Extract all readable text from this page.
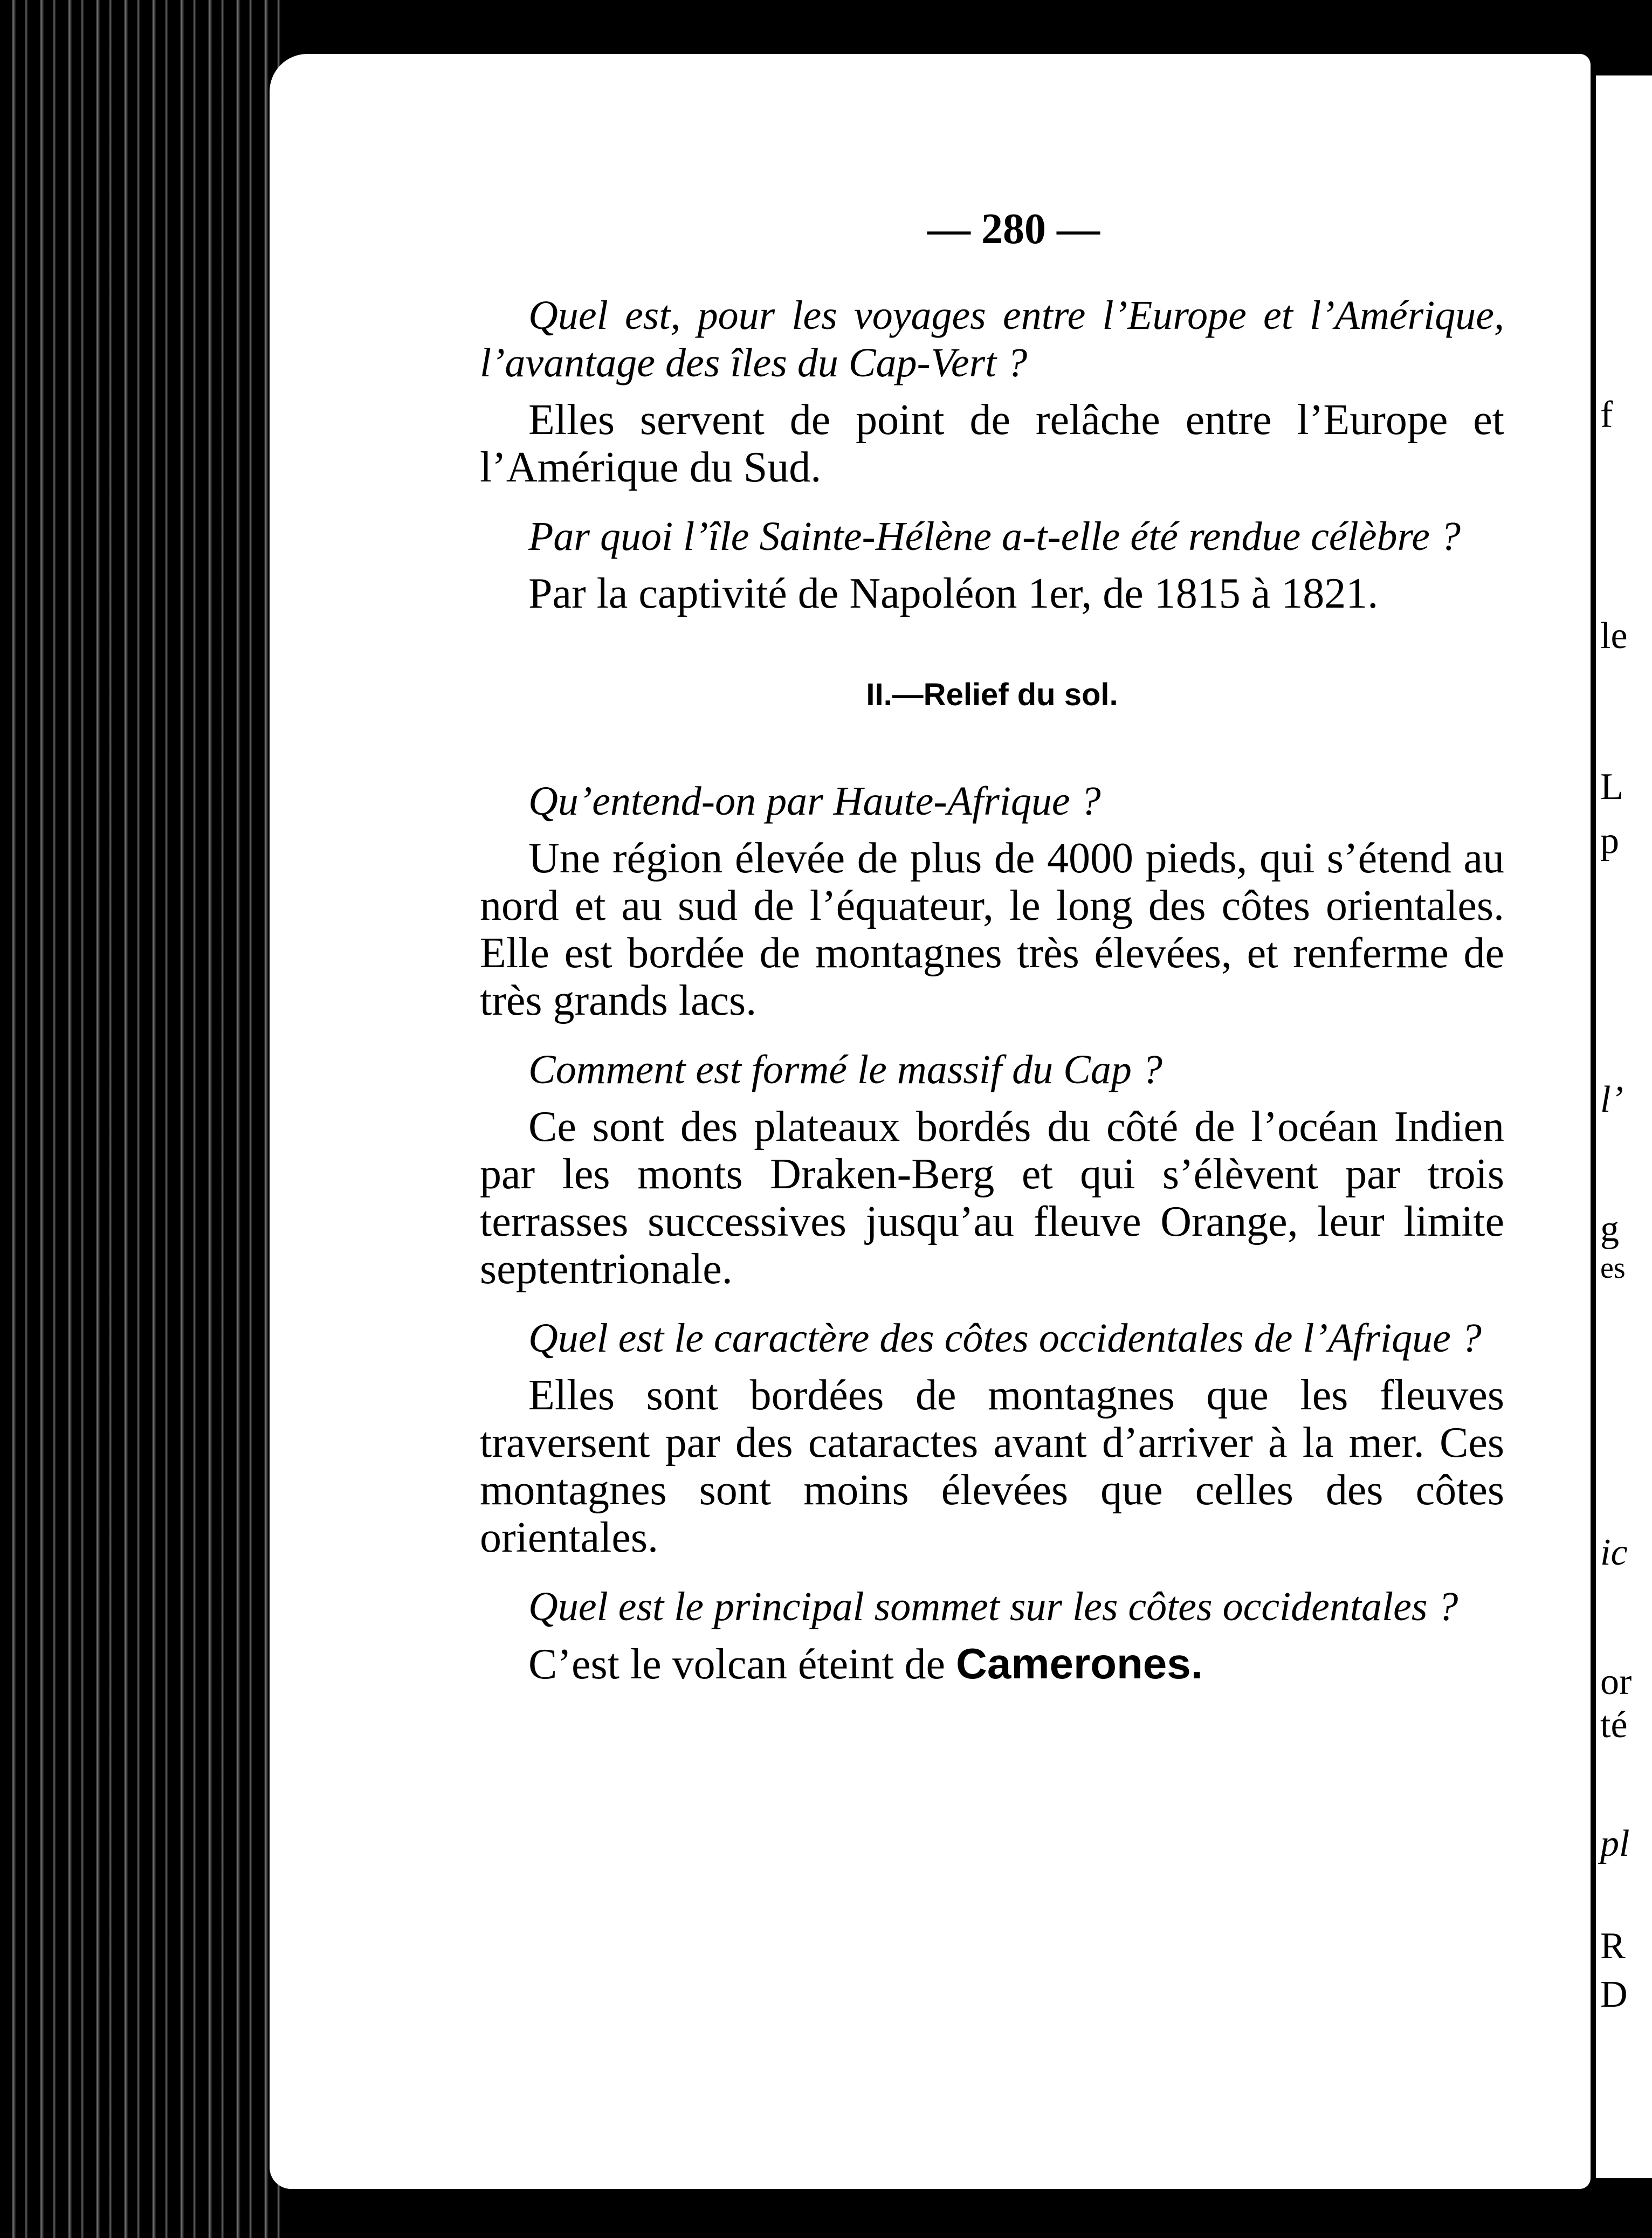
f
le
L
p
l’
g
es
ic
or
té
pl
R
D
— 280 —

Quel est, pour les voyages entre l’Europe et l’Amérique, l’avantage des îles du Cap-Vert ?

Elles servent de point de relâche entre l’Europe et l’Amérique du Sud.

Par quoi l’île Sainte-Hélène a-t-elle été rendue célèbre ?

Par la captivité de Napoléon 1er, de 1815 à 1821.

II.—Relief du sol.

Qu’entend-on par Haute-Afrique ?

Une région élevée de plus de 4000 pieds, qui s’étend au nord et au sud de l’équateur, le long des côtes orientales. Elle est bordée de montagnes très élevées, et renferme de très grands lacs.

Comment est formé le massif du Cap ?

Ce sont des plateaux bordés du côté de l’océan Indien par les monts Draken-Berg et qui s’élèvent par trois terrasses successives jusqu’au fleuve Orange, leur limite septentrionale.

Quel est le caractère des côtes occidentales de l’Afrique ?

Elles sont bordées de montagnes que les fleuves traversent par des cataractes avant d’arriver à la mer. Ces montagnes sont moins élevées que celles des côtes orientales.

Quel est le principal sommet sur les côtes occidentales ?

C’est le volcan éteint de Camerones.
